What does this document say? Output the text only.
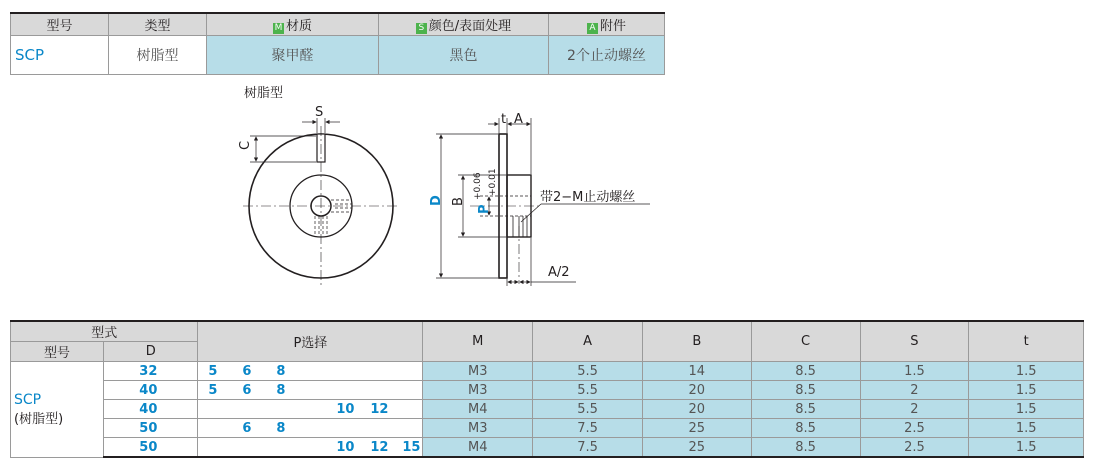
型号	类型	M 材质	S 颜色/表面处理	A 附件
SCP	树脂型	聚甲醛	黑色	2个止动螺丝
树脂型
S
C
t A
D B
P
+0.06 +0.01
带2−M止动螺丝
A/2
型式		P选择	M	A	B	C	S	t
型号	D							

SCP
(树脂型)	32	5 6 8	M3	5.5	14	8.5	1.5	1.5
	40	5 6 8	M3	5.5	20	8.5	2	1.5
	40	10 12	M4	5.5	20	8.5	2	1.5
	50	6 8	M3	7.5	25	8.5	2.5	1.5
	50	10 12 15	M4	7.5	25	8.5	2.5	1.5
